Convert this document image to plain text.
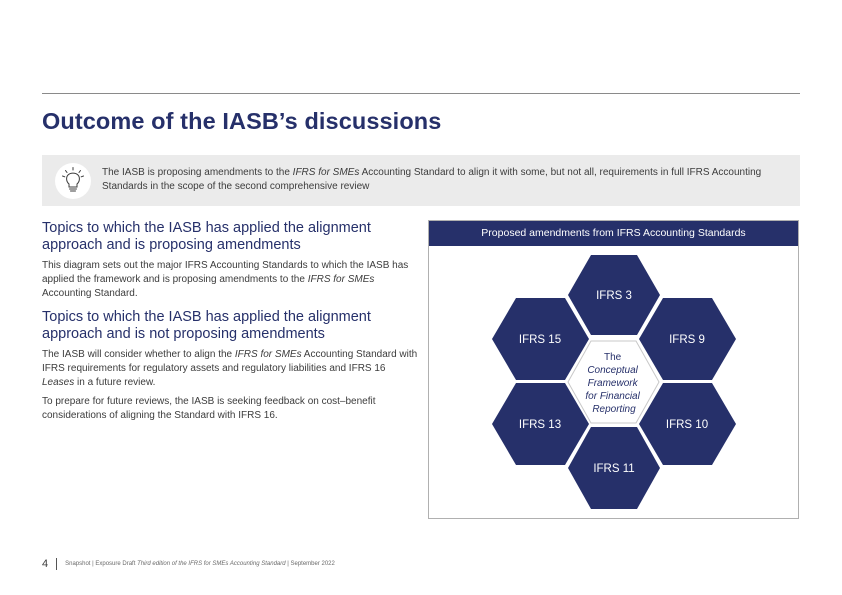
Outcome of the IASB’s discussions
The IASB is proposing amendments to the IFRS for SMEs Accounting Standard to align it with some, but not all, requirements in full IFRS Accounting Standards in the scope of the second comprehensive review
Topics to which the IASB has applied the alignment approach and is proposing amendments

This diagram sets out the major IFRS Accounting Standards to which the IASB has applied the framework and is proposing amendments to the IFRS for SMEs Accounting Standard.

Topics to which the IASB has applied the alignment approach and is not proposing amendments

The IASB will consider whether to align the IFRS for SMEs Accounting Standard with IFRS requirements for regulatory assets and regulatory liabilities and IFRS 16 Leases in a future review.

To prepare for future reviews, the IASB is seeking feedback on cost–benefit considerations of aligning the Standard with IFRS 16.

Proposed amendments from IFRS Accounting Standards
IFRS 3
IFRS 9
IFRS 10
IFRS 11
IFRS 13
IFRS 15
The Conceptual Framework for Financial Reporting
4	Snapshot | Exposure Draft Third edition of the IFRS for SMEs Accounting Standard | September 2022
